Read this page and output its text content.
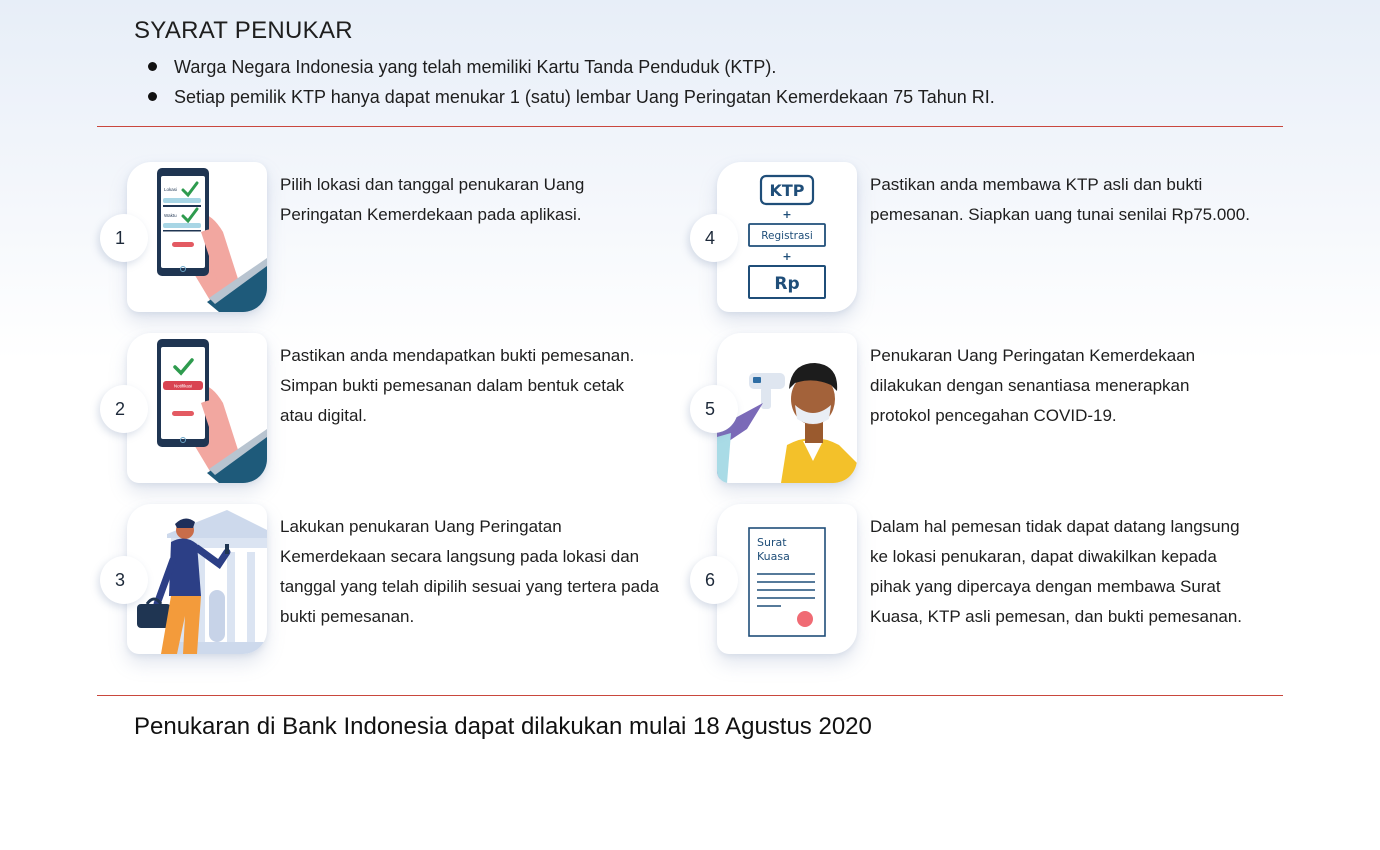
SYARAT PENUKAR
Warga Negara Indonesia yang telah memiliki Kartu Tanda Penduduk (KTP).
Setiap pemilik KTP hanya dapat menukar 1 (satu) lembar Uang Peringatan Kemerdekaan 75 Tahun RI.
Lokasi
Waktu
1
Pilih lokasi dan tanggal penukaran Uang Peringatan Kemerdekaan pada aplikasi.
Notifikasi
2
Pastikan anda mendapatkan bukti pemesanan. Simpan bukti pemesanan dalam bentuk cetak atau digital.
3
Lakukan penukaran Uang Peringatan Kemerdekaan secara langsung pada lokasi dan tanggal yang telah dipilih sesuai yang tertera pada bukti pemesanan.
KTP
+
Registrasi
+
Rp
4
Pastikan anda membawa KTP asli dan bukti pemesanan. Siapkan uang tunai senilai Rp75.000.
5
Penukaran Uang Peringatan Kemerdekaan dilakukan dengan senantiasa menerapkan protokol pencegahan COVID-19.
Surat
Kuasa
6
Dalam hal pemesan tidak dapat datang langsung ke lokasi penukaran, dapat diwakilkan kepada pihak yang dipercaya dengan membawa Surat Kuasa, KTP asli pemesan, dan bukti pemesanan.
Penukaran di Bank Indonesia dapat dilakukan mulai 18 Agustus 2020
